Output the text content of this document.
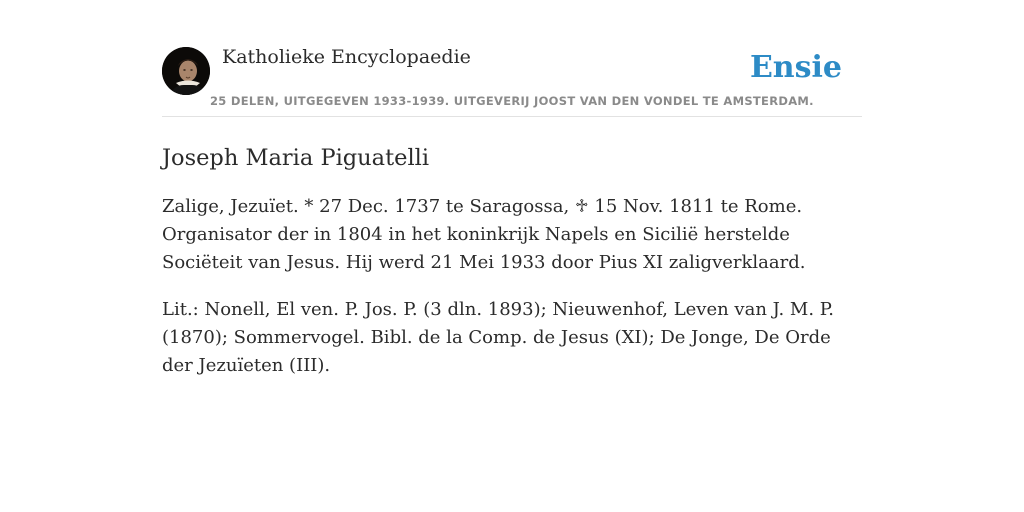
Katholieke Encyclopaedie
25 DELEN, UITGEGEVEN 1933-1939. UITGEVERIJ JOOST VAN DEN VONDEL TE AMSTERDAM.
Ensie
Joseph Maria Piguatelli

Zalige, Jezuïet. * 27 Dec. 1737 te Saragossa, ♱ 15 Nov. 1811 te Rome. Organisator der in 1804 in het koninkrijk Napels en Sicilië herstelde Sociëteit van Jesus. Hij werd 21 Mei 1933 door Pius XI zaligverklaard.

Lit.: Nonell, El ven. P. Jos. P. (3 dln. 1893); Nieuwenhof, Leven van J. M. P. (1870); Sommervogel. Bibl. de la Comp. de Jesus (XI); De Jonge, De Orde der Jezuïeten (III).
